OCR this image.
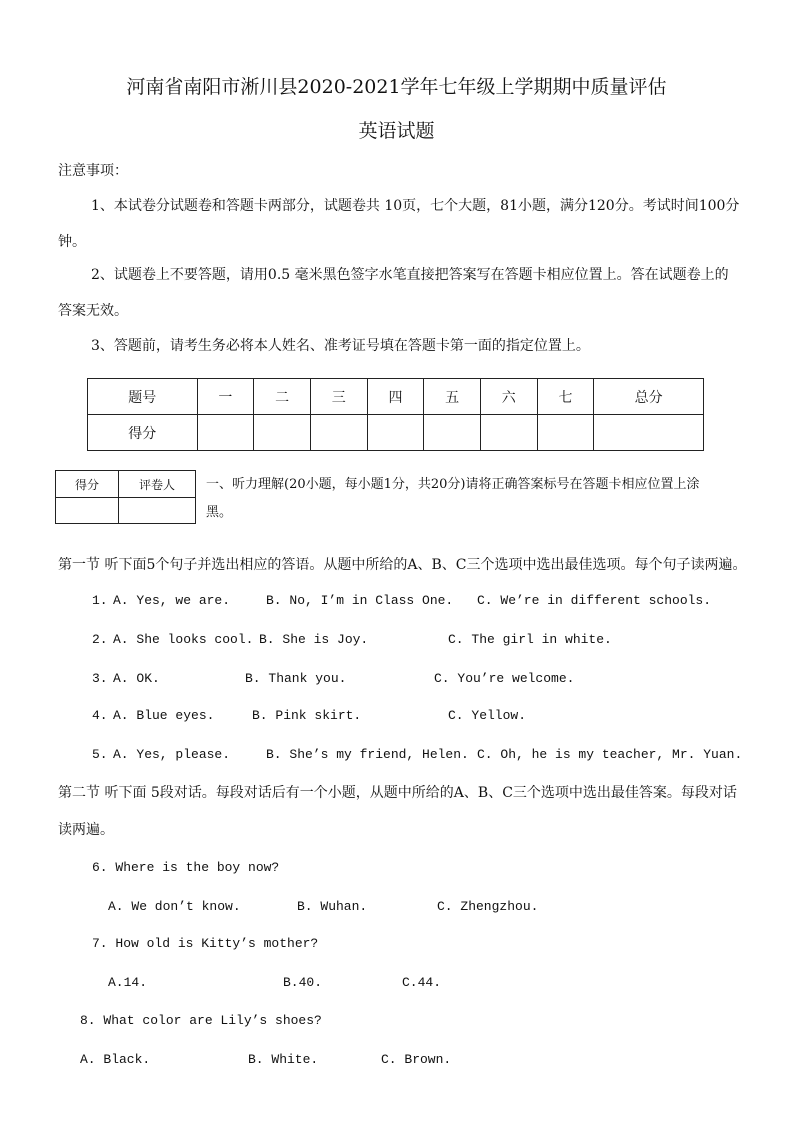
河南省南阳市淅川县2020-2021学年七年级上学期期中质量评估
英语试题
注意事项：
1、本试卷分试题卷和答题卡两部分，试题卷共 10页，七个大题，81小题，满分120分。考试时间100分
钟。
2、试题卷上不要答题，请用0.5 毫米黑色签字水笔直接把答案写在答题卡相应位置上。答在试题卷上的
答案无效。
3、答题前，请考生务必将本人姓名、准考证号填在答题卡第一面的指定位置上。
题号	一	二	三	四	五	六	七	总分
得分								
得分	评卷人
	一、听力理解(20小题，每小题1分，共20分)请将正确答案标号在答题卡相应位置上涂
黑。
第一节 听下面5个句子并选出相应的答语。从题中所给的A、B、C三个选项中选出最佳选项。每个句子读两遍。
1. A. Yes, we are.	B. No, I’m in Class One. C. We’re in different schools.
2. A. She looks cool. B. She is Joy.	C. The girl in white.
3. A. OK.	B. Thank you.	C. You’re welcome.
4. A. Blue eyes.	B. Pink skirt.	C. Yellow.
5. A. Yes, please.	B. She’s my friend, Helen. C. Oh, he is my teacher, Mr. Yuan.
第二节 听下面 5段对话。每段对话后有一个小题，从题中所给的A、B、C三个选项中选出最佳答案。每段对话
读两遍。
6. Where is the boy now?
A. We don’t know.	B. Wuhan.	C. Zhengzhou.
7. How old is Kitty’s mother?
A.14.	B.40.	C.44.
8. What color are Lily’s shoes?
A. Black.	B. White.	C. Brown.
